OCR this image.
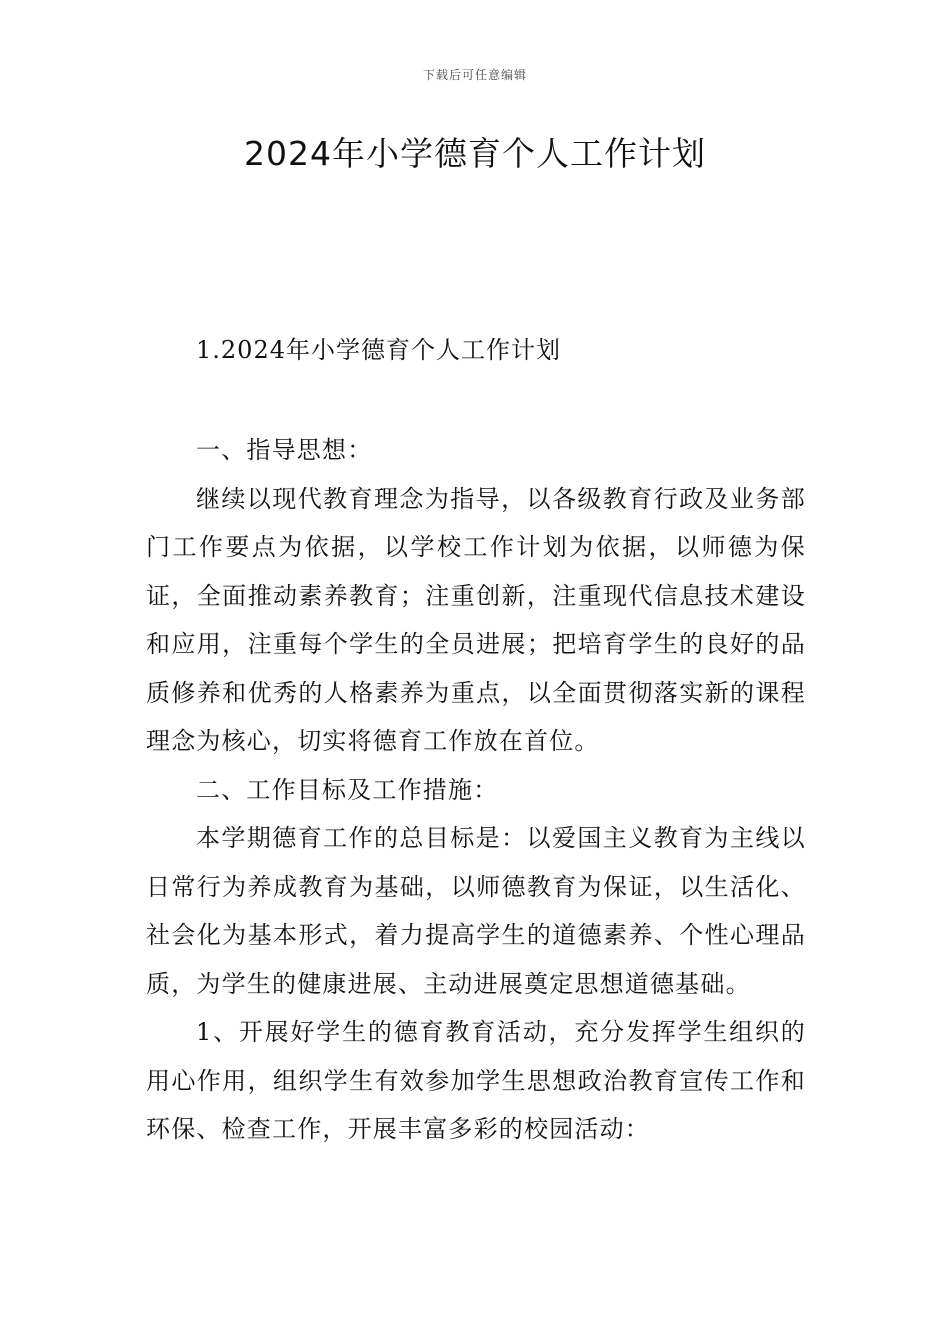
下载后可任意编辑
2024年小学德育个人工作计划
1.2024年小学德育个人工作计划

一、指导思想：

继续以现代教育理念为指导，以各级教育行政及业务部门工作要点为依据，以学校工作计划为依据，以师德为保证，全面推动素养教育；注重创新，注重现代信息技术建设和应用，注重每个学生的全员进展；把培育学生的良好的品质修养和优秀的人格素养为重点，以全面贯彻落实新的课程理念为核心，切实将德育工作放在首位。

二、工作目标及工作措施：

本学期德育工作的总目标是：以爱国主义教育为主线以日常行为养成教育为基础，以师德教育为保证，以生活化、社会化为基本形式，着力提高学生的道德素养、个性心理品质，为学生的健康进展、主动进展奠定思想道德基础。

1、开展好学生的德育教育活动，充分发挥学生组织的用心作用，组织学生有效参加学生思想政治教育宣传工作和环保、检查工作，开展丰富多彩的校园活动：
